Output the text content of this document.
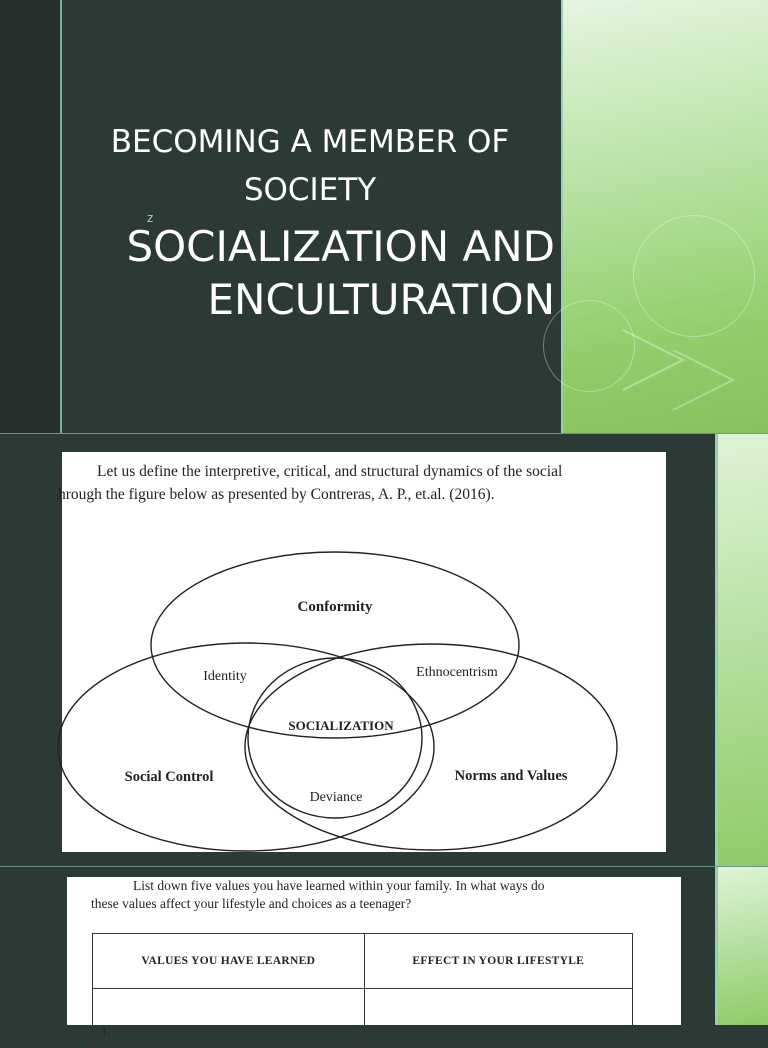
BECOMING A MEMBER OF

SOCIETY

z

SOCIALIZATION AND

ENCULTURATION

Let us define the interpretive, critical, and structural dynamics of the social

hrough the figure below as presented by Contreras, A. P., et.al. (2016).

Conformity
Identity	Ethnocentrism
SOCIALIZATION
Social Control	Norms and Values
Deviance

List down five values you have learned within your family. In what ways do

these values affect your lifestyle and choices as a teenager?

VALUES YOU HAVE LEARNED	EFFECT IN YOUR LIFESTYLE
1.	
